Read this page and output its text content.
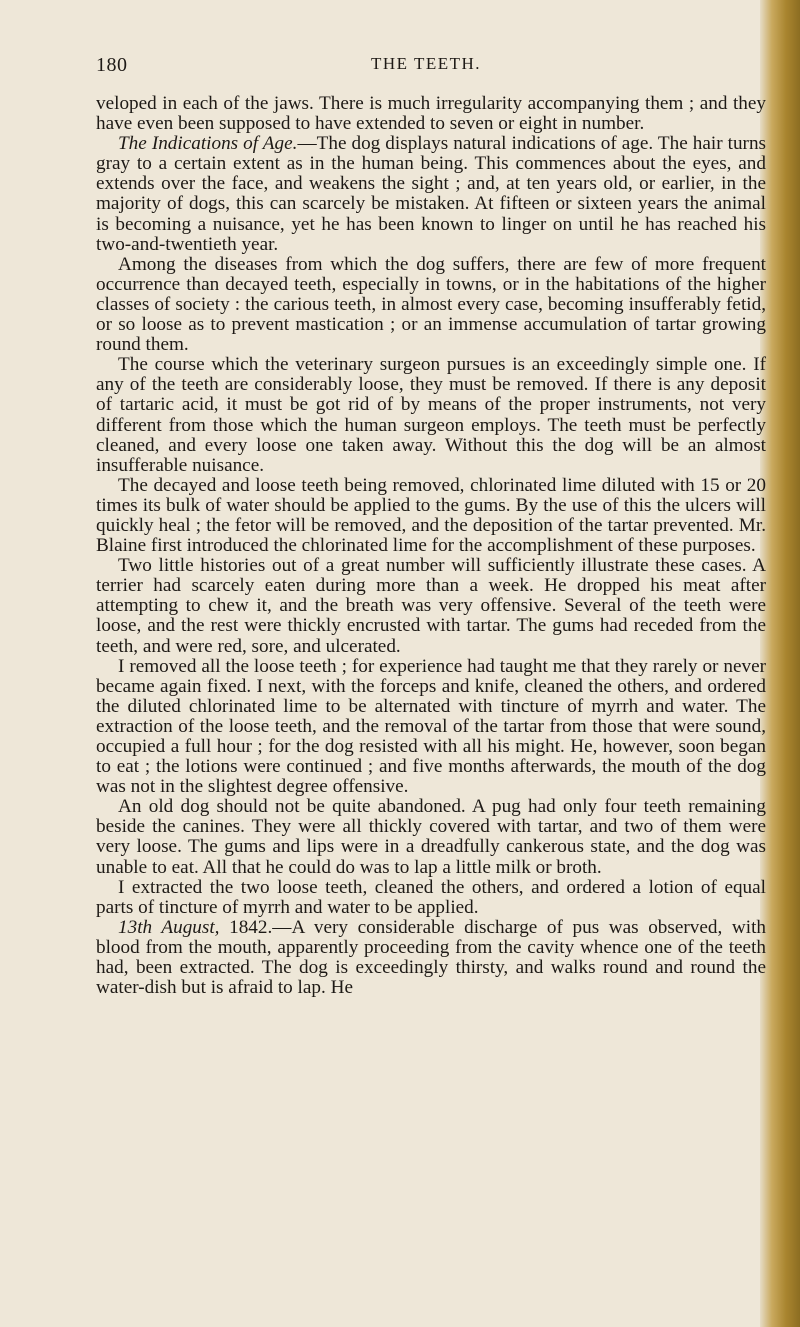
180	THE TEETH.

veloped in each of the jaws. There is much irregularity accompanying them ; and they have even been supposed to have extended to seven or eight in number.

The Indications of Age.—The dog displays natural indications of age. The hair turns gray to a certain extent as in the human being. This commences about the eyes, and extends over the face, and weakens the sight ; and, at ten years old, or earlier, in the majority of dogs, this can scarcely be mistaken. At fifteen or sixteen years the animal is becoming a nuisance, yet he has been known to linger on until he has reached his two-and-twentieth year.

Among the diseases from which the dog suffers, there are few of more frequent occurrence than decayed teeth, especially in towns, or in the habitations of the higher classes of society : the carious teeth, in almost every case, becoming insufferably fetid, or so loose as to prevent mastication ; or an immense accumulation of tartar growing round them.

The course which the veterinary surgeon pursues is an exceedingly simple one. If any of the teeth are considerably loose, they must be removed. If there is any deposit of tartaric acid, it must be got rid of by means of the proper instruments, not very different from those which the human surgeon employs. The teeth must be perfectly cleaned, and every loose one taken away. Without this the dog will be an almost insufferable nuisance.

The decayed and loose teeth being removed, chlorinated lime diluted with 15 or 20 times its bulk of water should be applied to the gums. By the use of this the ulcers will quickly heal ; the fetor will be removed, and the deposition of the tartar prevented. Mr. Blaine first introduced the chlorinated lime for the accomplishment of these purposes.

Two little histories out of a great number will sufficiently illustrate these cases. A terrier had scarcely eaten during more than a week. He dropped his meat after attempting to chew it, and the breath was very offensive. Several of the teeth were loose, and the rest were thickly encrusted with tartar. The gums had receded from the teeth, and were red, sore, and ulcerated.

I removed all the loose teeth ; for experience had taught me that they rarely or never became again fixed. I next, with the forceps and knife, cleaned the others, and ordered the diluted chlorinated lime to be alternated with tincture of myrrh and water. The extraction of the loose teeth, and the removal of the tartar from those that were sound, occupied a full hour ; for the dog resisted with all his might. He, however, soon began to eat ; the lotions were continued ; and five months afterwards, the mouth of the dog was not in the slightest degree offensive.

An old dog should not be quite abandoned. A pug had only four teeth remaining beside the canines. They were all thickly covered with tartar, and two of them were very loose. The gums and lips were in a dreadfully cankerous state, and the dog was unable to eat. All that he could do was to lap a little milk or broth.

I extracted the two loose teeth, cleaned the others, and ordered a lotion of equal parts of tincture of myrrh and water to be applied.

13th August, 1842.—A very considerable discharge of pus was observed, with blood from the mouth, apparently proceeding from the cavity whence one of the teeth had, been extracted. The dog is exceedingly thirsty, and walks round and round the water-dish but is afraid to lap. He
